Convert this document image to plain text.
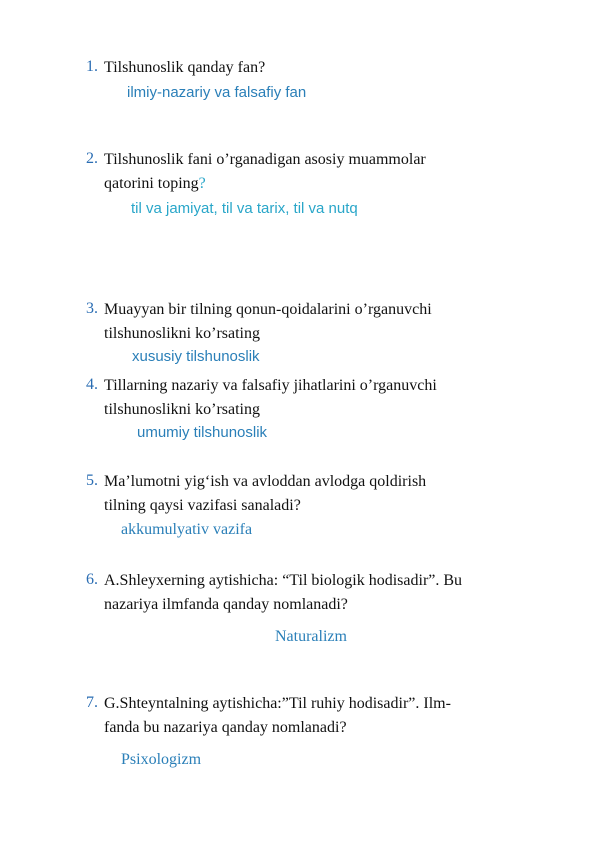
1. Tilshunoslik qanday fan?
ilmiy-nazariy va falsafiy fan
2. Tilshunoslik fani o’rganadigan asosiy muammolar
qatorini toping?
til va jamiyat, til va tarix, til va nutq
3. Muayyan bir tilning qonun-qoidalarini o’rganuvchi
tilshunoslikni ko’rsating
xususiy tilshunoslik
4. Tillarning nazariy va falsafiy jihatlarini o’rganuvchi
tilshunoslikni ko’rsating
umumiy tilshunoslik
5. Ma’lumotni yig‘ish va avloddan avlodga qoldirish
tilning qaysi vazifasi sanaladi?
akkumulyativ vazifa
6. A.Shleyxerning aytishicha: “Til biologik hodisadir”. Bu
nazariya ilmfanda qanday nomlanadi?
Naturalizm
7. G.Shteyntalning aytishicha:”Til ruhiy hodisadir”. Ilm-
fanda bu nazariya qanday nomlanadi?
Psixologizm
